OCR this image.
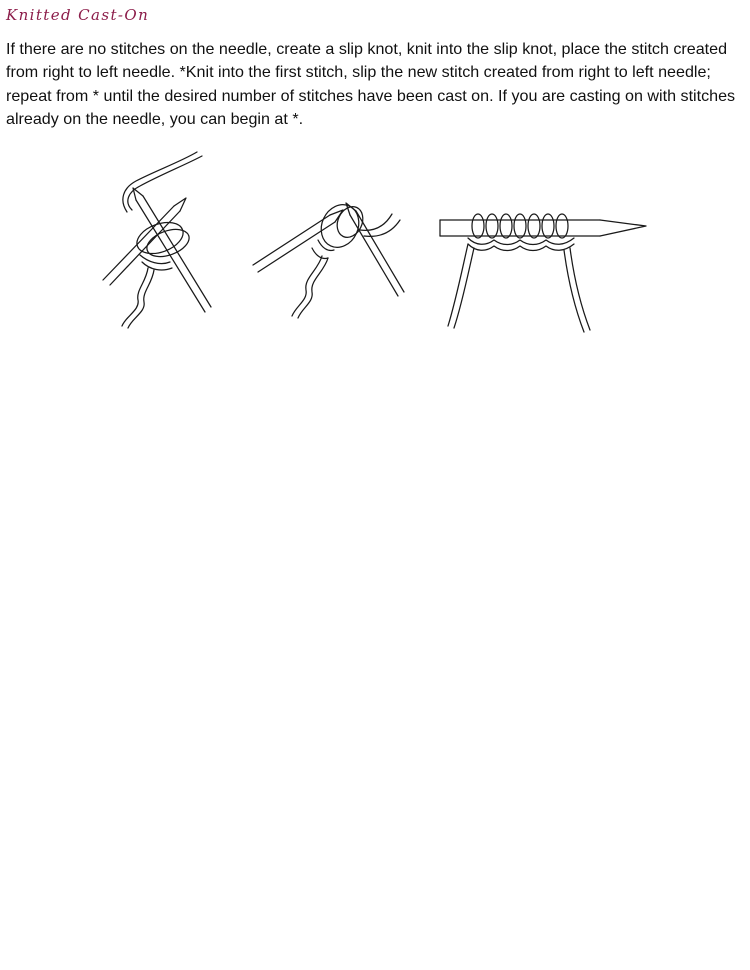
Knitted Cast-On

If there are no stitches on the needle, create a slip knot, knit into the slip knot, place the stitch created from right to left needle. *Knit into the first stitch, slip the new stitch created from right to left needle; repeat from * until the desired number of stitches have been cast on. If you are casting on with stitches already on the needle, you can begin at *.
